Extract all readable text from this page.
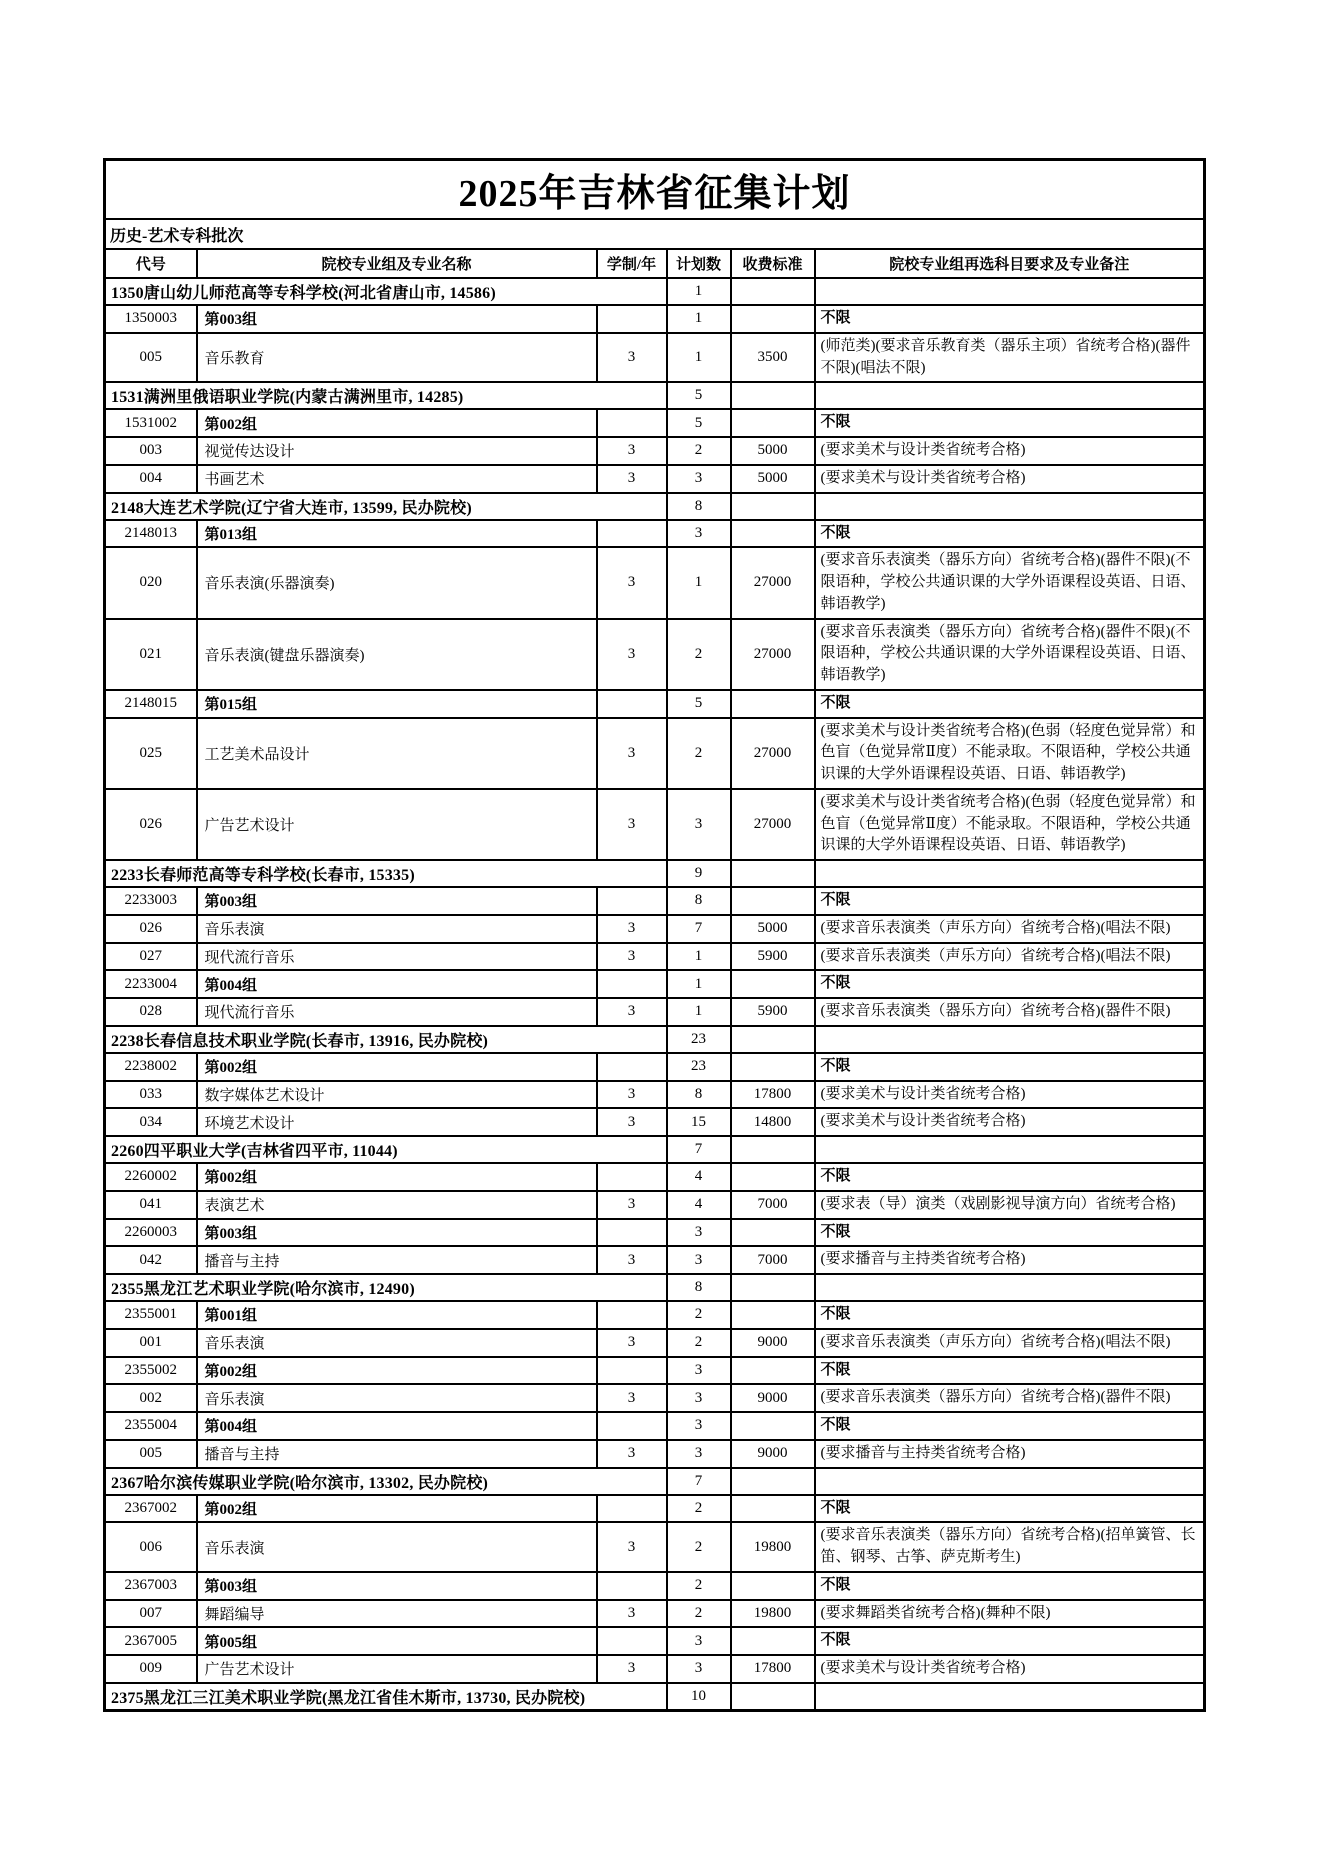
2025年吉林省征集计划					
历史-艺术专科批次					
代号	院校专业组及专业名称	学制/年	计划数	收费标准	院校专业组再选科目要求及专业备注
1350唐山幼儿师范高等专科学校(河北省唐山市, 14586)			1		
1350003	第003组		1		不限
005	音乐教育	3	1	3500	(师范类)(要求音乐教育类（器乐主项）省统考合格)(器件不限)(唱法不限)
1531满洲里俄语职业学院(内蒙古满洲里市, 14285)			5		
1531002	第002组		5		不限
003	视觉传达设计	3	2	5000	(要求美术与设计类省统考合格)
004	书画艺术	3	3	5000	(要求美术与设计类省统考合格)
2148大连艺术学院(辽宁省大连市, 13599, 民办院校)			8		
2148013	第013组		3		不限
020	音乐表演(乐器演奏)	3	1	27000	(要求音乐表演类（器乐方向）省统考合格)(器件不限)(不限语种，学校公共通识课的大学外语课程设英语、日语、韩语教学)
021	音乐表演(键盘乐器演奏)	3	2	27000	(要求音乐表演类（器乐方向）省统考合格)(器件不限)(不限语种，学校公共通识课的大学外语课程设英语、日语、韩语教学)
2148015	第015组		5		不限
025	工艺美术品设计	3	2	27000	(要求美术与设计类省统考合格)(色弱（轻度色觉异常）和色盲（色觉异常Ⅱ度）不能录取。不限语种，学校公共通识课的大学外语课程设英语、日语、韩语教学)
026	广告艺术设计	3	3	27000	(要求美术与设计类省统考合格)(色弱（轻度色觉异常）和色盲（色觉异常Ⅱ度）不能录取。不限语种，学校公共通识课的大学外语课程设英语、日语、韩语教学)
2233长春师范高等专科学校(长春市, 15335)			9		
2233003	第003组		8		不限
026	音乐表演	3	7	5000	(要求音乐表演类（声乐方向）省统考合格)(唱法不限)
027	现代流行音乐	3	1	5900	(要求音乐表演类（声乐方向）省统考合格)(唱法不限)
2233004	第004组		1		不限
028	现代流行音乐	3	1	5900	(要求音乐表演类（器乐方向）省统考合格)(器件不限)
2238长春信息技术职业学院(长春市, 13916, 民办院校)			23		
2238002	第002组		23		不限
033	数字媒体艺术设计	3	8	17800	(要求美术与设计类省统考合格)
034	环境艺术设计	3	15	14800	(要求美术与设计类省统考合格)
2260四平职业大学(吉林省四平市, 11044)			7		
2260002	第002组		4		不限
041	表演艺术	3	4	7000	(要求表（导）演类（戏剧影视导演方向）省统考合格)
2260003	第003组		3		不限
042	播音与主持	3	3	7000	(要求播音与主持类省统考合格)
2355黑龙江艺术职业学院(哈尔滨市, 12490)			8		
2355001	第001组		2		不限
001	音乐表演	3	2	9000	(要求音乐表演类（声乐方向）省统考合格)(唱法不限)
2355002	第002组		3		不限
002	音乐表演	3	3	9000	(要求音乐表演类（器乐方向）省统考合格)(器件不限)
2355004	第004组		3		不限
005	播音与主持	3	3	9000	(要求播音与主持类省统考合格)
2367哈尔滨传媒职业学院(哈尔滨市, 13302, 民办院校)			7		
2367002	第002组		2		不限
006	音乐表演	3	2	19800	(要求音乐表演类（器乐方向）省统考合格)(招单簧管、长笛、钢琴、古筝、萨克斯考生)
2367003	第003组		2		不限
007	舞蹈编导	3	2	19800	(要求舞蹈类省统考合格)(舞种不限)
2367005	第005组		3		不限
009	广告艺术设计	3	3	17800	(要求美术与设计类省统考合格)
2375黑龙江三江美术职业学院(黑龙江省佳木斯市, 13730, 民办院校)			10		
